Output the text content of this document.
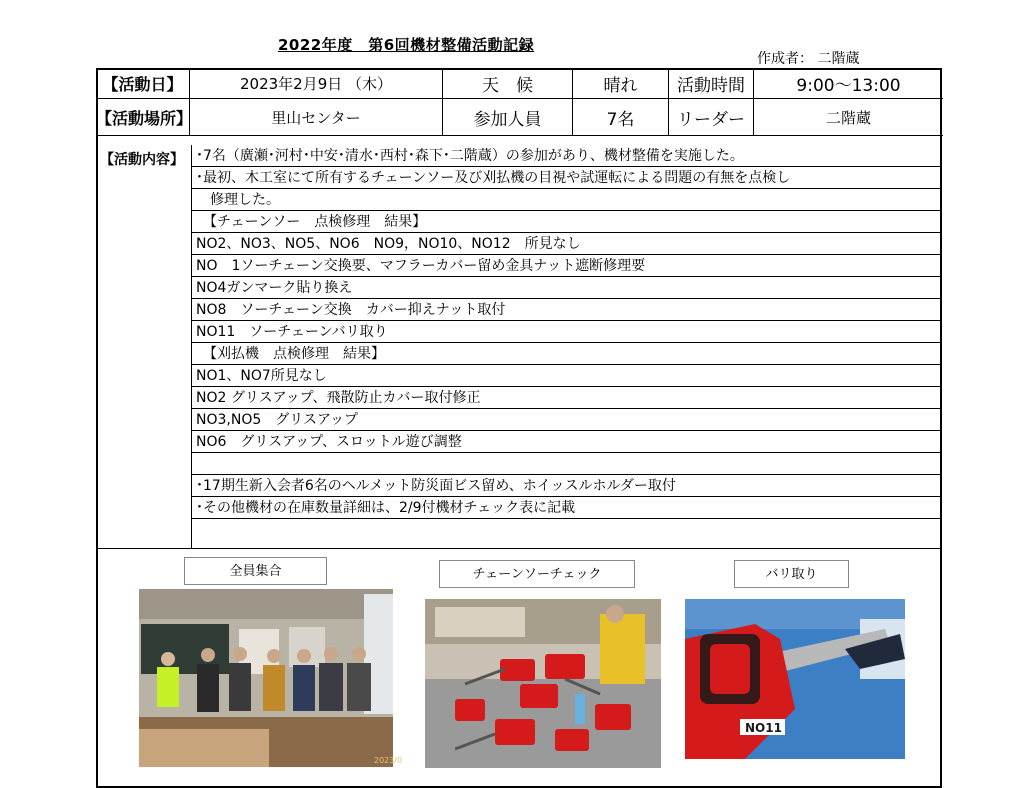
2022年度　第6回機材整備活動記録
作成者： 二階蔵
【活動日】	2023年2月9日 （木）	天　候	晴れ	活動時間	9:00～13:00
【活動場所】	里山センター	参加人員	7名	リーダー	二階蔵
【活動内容】 ･7名（廣瀬･河村･中安･清水･西村･森下･二階蔵）の参加があり、機材整備を実施した。
･最初、木工室にて所有するチェーンソー及び刈払機の目視や試運転による問題の有無を点検し
　修理した。
　【チェーンソー　点検修理　結果】
NO2、NO3、NO5、NO6　NO9，NO10、NO12　所見なし
NO　1ソーチェーン交換要、マフラーカバー留め金具ナット遮断修理要
NO4ガンマーク貼り換え
NO8　ソーチェーン交換　カバー抑えナット取付
NO11　ソーチェーンバリ取り
　【刈払機　点検修理　結果】
NO1、NO7所見なし
NO2 グリスアップ、飛散防止カバー取付修正
NO3,NO5　グリスアップ
NO6　グリスアップ、スロットル遊び調整
･17期生新入会者6名のヘルメット防災面ビス留め、ホイッスルホルダー取付
･その他機材の在庫数量詳細は、2/9付機材チェック表に記載
全員集合	チェーンソーチェック	バリ取り
2023/0
NO11
